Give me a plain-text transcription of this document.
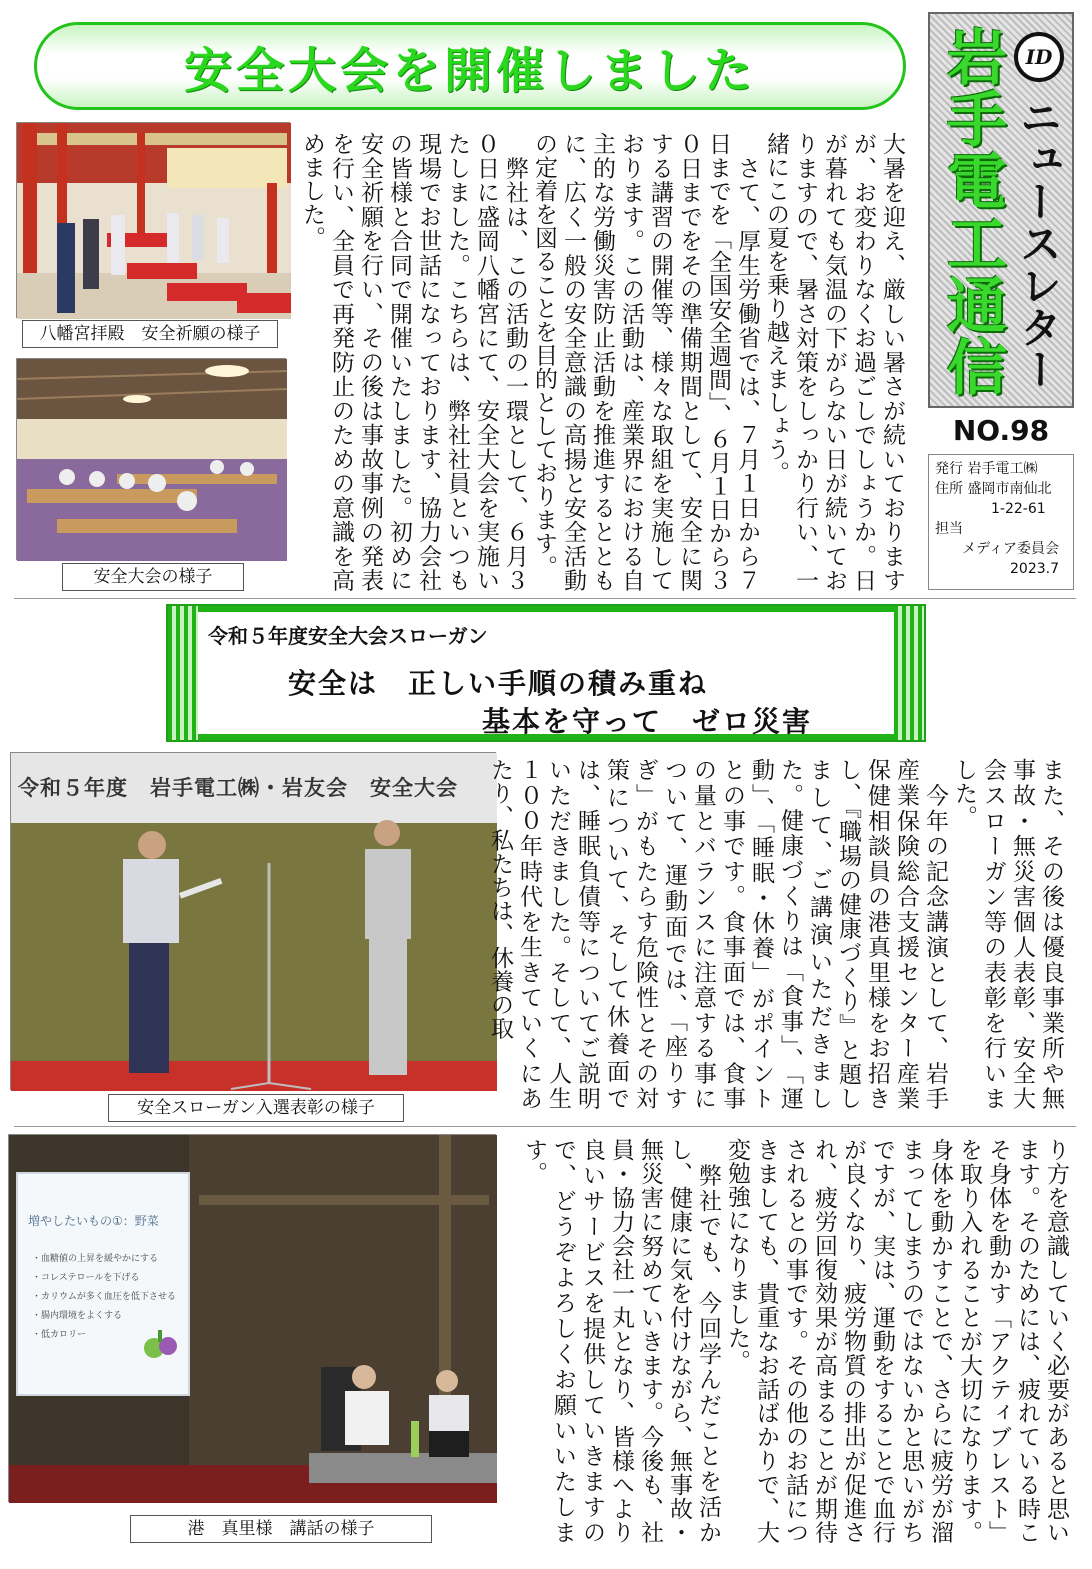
安全大会を開催しました	岩手電工通信 ID
ニュースレター
NO.98
発行 岩手電工㈱
住所 盛岡市南仙北
1-22-61
担当
メディア委員会
2023.7
八幡宮拝殿　安全祈願の様子
安全大会の様子	大暑を迎え、厳しい暑さが続いておりますが、お変わりなくお過ごしでしょうか。日が暮れても気温の下がらない日が続いておりますので、暑さ対策をしっかり行い、一緒にこの夏を乗り越えましょう。
　さて、厚生労働省では、７月１日から７日までを「全国安全週間」、６月１日から３０日までをその準備期間として、安全に関する講習の開催等、様々な取組を実施しております。この活動は、産業界における自主的な労働災害防止活動を推進するとともに、広く一般の安全意識の高揚と安全活動の定着を図ることを目的としております。
　弊社は、この活動の一環として、６月３０日に盛岡八幡宮にて、安全大会を実施いたしました。こちらは、弊社社員といつも現場でお世話になっております、協力会社の皆様と合同で開催いたしました。初めに安全祈願を行い、その後は事故事例の発表を行い、全員で再発防止のための意識を高めました。
令和５年度安全大会スローガン
安全は　正しい手順の積み重ね
基本を守って　ゼロ災害
令和５年度　岩手電工㈱・岩友会　安全大会
安全スローガン入選表彰の様子	また、その後は優良事業所や無事故・無災害個人表彰、安全大会スローガン等の表彰を行いました。
　今年の記念講演として、岩手産業保険総合支援センター産業保健相談員の港真里様をお招きし、『職場の健康づくり』と題しまして、ご講演いただきました。健康づくりは「食事」、「運動」、「睡眠・休養」がポイントとの事です。食事面では、食事の量とバランスに注意する事について、運動面では、「座りすぎ」がもたらす危険性とその対策について、そして休養面では、睡眠負債等についてご説明いただきました。そして、人生１００年時代を生きていくにあたり、私たちは、休養の取
増やしたいもの①：野菜
・血糖値の上昇を緩やかにする
・コレステロールを下げる
・カリウムが多く血圧を低下させる
・腸内環境をよくする
・低カロリー
港　真里様　講話の様子	り方を意識していく必要があると思います。そのためには、疲れている時こそ身体を動かす「アクティブレスト」を取り入れることが大切になります。身体を動かすことで、さらに疲労が溜まってしまうのではないかと思いがちですが、実は、運動をすることで血行が良くなり、疲労物質の排出が促進され、疲労回復効果が高まることが期待されるとの事です。その他のお話につきましても、貴重なお話ばかりで、大変勉強になりました。
　弊社でも、今回学んだことを活かし、健康に気を付けながら、無事故・無災害に努めていきます。今後も、社員・協力会社一丸となり、皆様へより良いサービスを提供していきますので、どうぞよろしくお願いいたします。
